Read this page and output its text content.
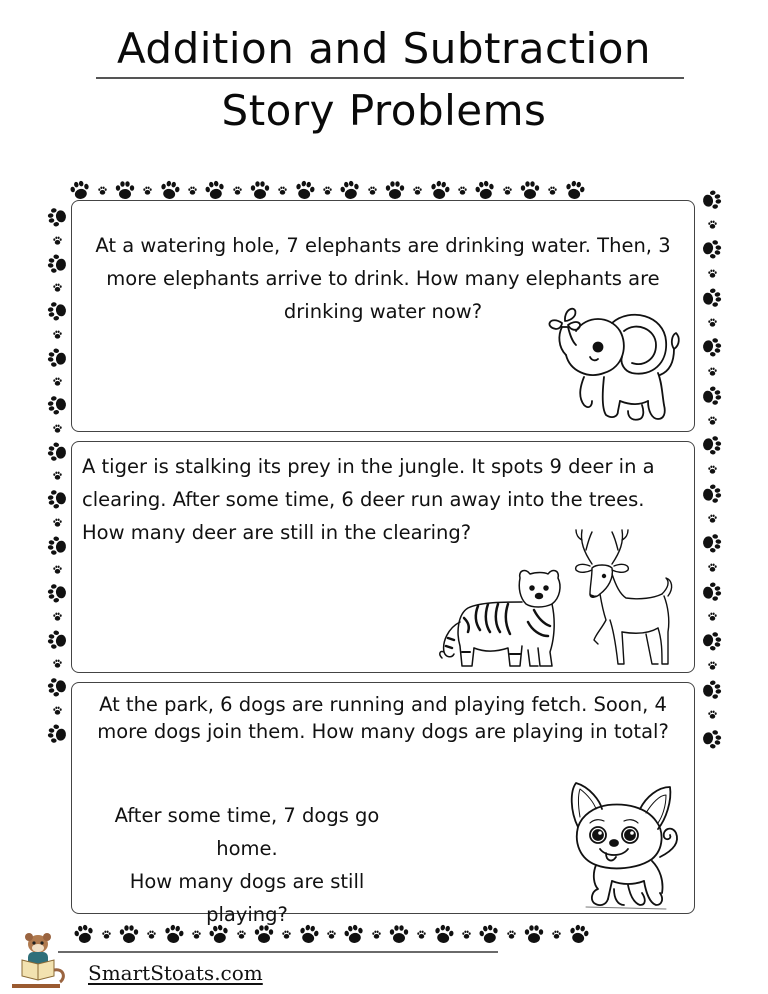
Addition and Subtraction
Story Problems
At a watering hole, 7 elephants are drinking water. Then, 3 more elephants arrive to drink. How many elephants are drinking water now?
A tiger is stalking its prey in the jungle. It spots 9 deer in a clearing. After some time, 6 deer run away into the trees. How many deer are still in the clearing?
At the park, 6 dogs are running and playing fetch. Soon, 4 more dogs join them. How many dogs are playing in total?
After some time, 7 dogs go home.
How many dogs are still playing?
SmartStoats.com
